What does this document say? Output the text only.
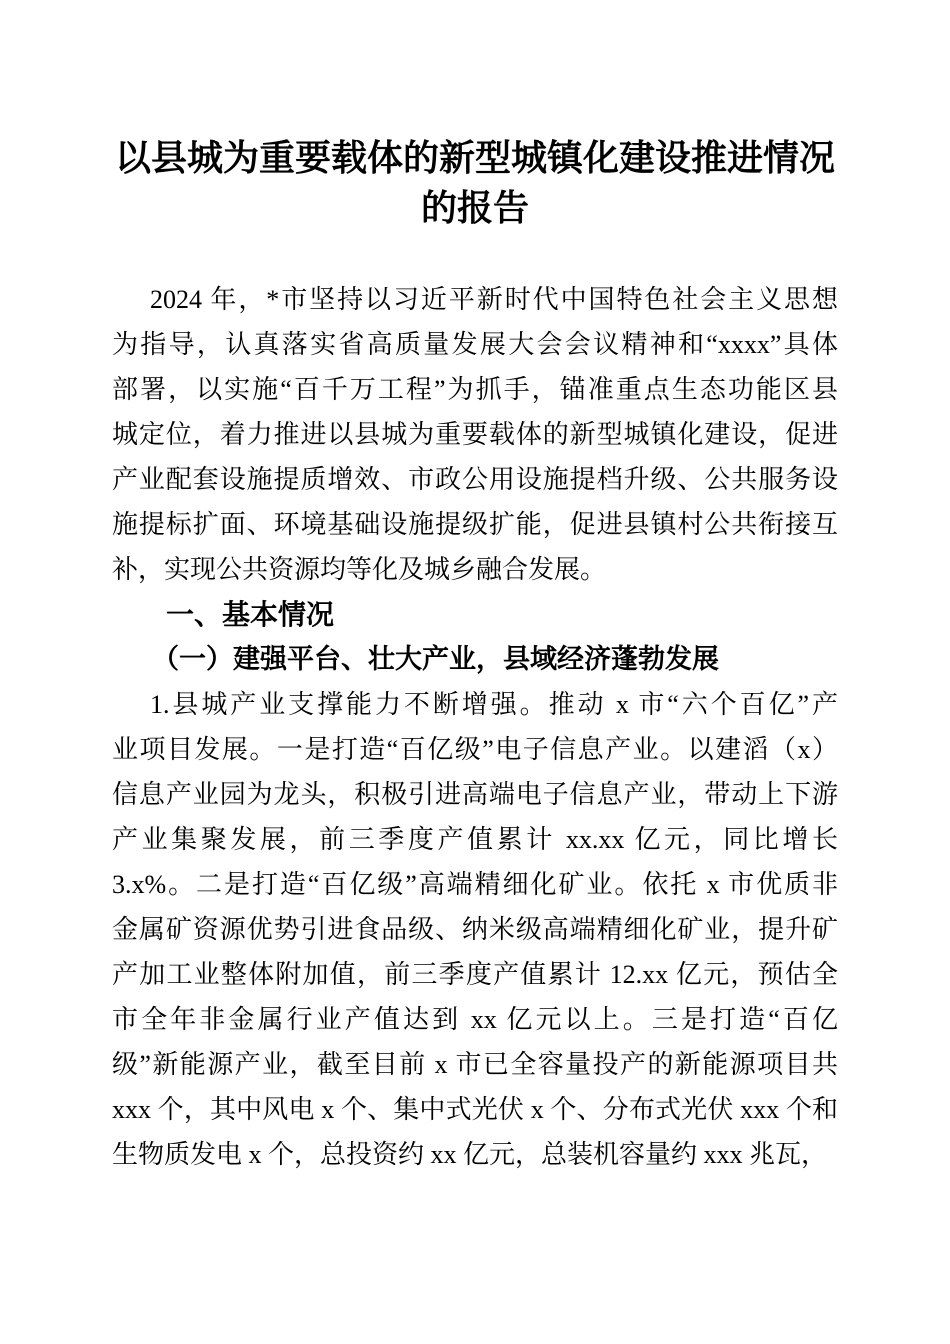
以县城为重要载体的新型城镇化建设推进情况
的报告
2024 年，*市坚持以习近平新时代中国特色社会主义思想
为指导，认真落实省高质量发展大会会议精神和“xxxx”具体
部署，以实施“百千万工程”为抓手，锚准重点生态功能区县
城定位，着力推进以县城为重要载体的新型城镇化建设，促进
产业配套设施提质增效、市政公用设施提档升级、公共服务设
施提标扩面、环境基础设施提级扩能，促进县镇村公共衔接互
补，实现公共资源均等化及城乡融合发展。
一、基本情况
（一）建强平台、壮大产业，县域经济蓬勃发展
1.县城产业支撑能力不断增强。推动 x 市“六个百亿”产
业项目发展。一是打造“百亿级”电子信息产业。以建滔（x）
信息产业园为龙头，积极引进高端电子信息产业，带动上下游
产业集聚发展，前三季度产值累计 xx.xx 亿元，同比增长
3.x%。二是打造“百亿级”高端精细化矿业。依托 x 市优质非
金属矿资源优势引进食品级、纳米级高端精细化矿业，提升矿
产加工业整体附加值，前三季度产值累计 12.xx 亿元，预估全
市全年非金属行业产值达到 xx 亿元以上。三是打造“百亿
级”新能源产业，截至目前 x 市已全容量投产的新能源项目共
xxx 个，其中风电 x 个、集中式光伏 x 个、分布式光伏 xxx 个和
生物质发电 x 个，总投资约 xx 亿元，总装机容量约 xxx 兆瓦，
